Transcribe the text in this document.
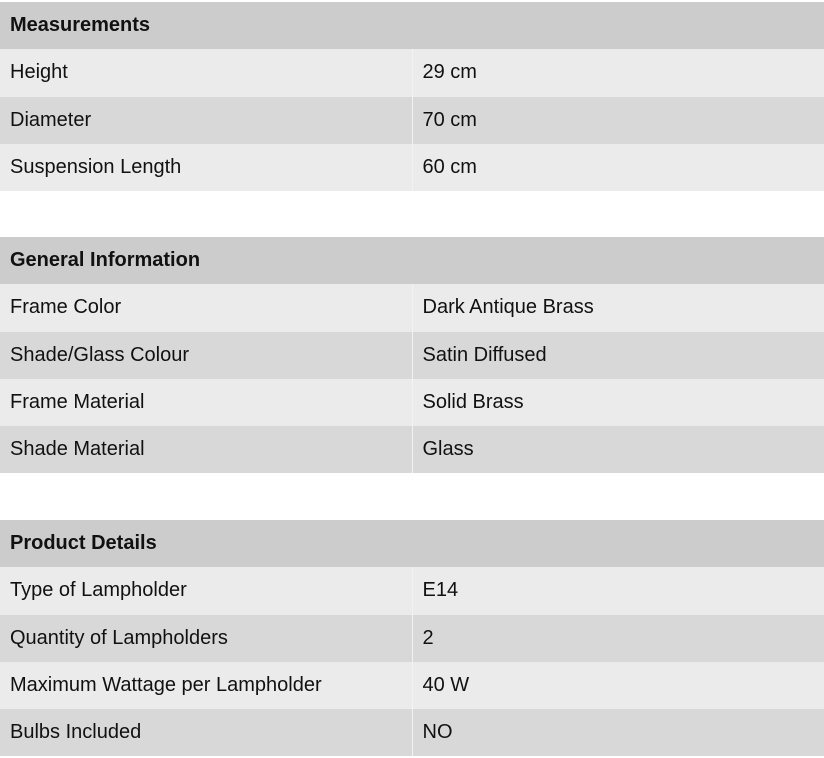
Measurements	
Height	29 cm
Diameter	70 cm
Suspension Length	60 cm
General Information	
Frame Color	Dark Antique Brass
Shade/Glass Colour	Satin Diffused
Frame Material	Solid Brass
Shade Material	Glass
Product Details	
Type of Lampholder	E14
Quantity of Lampholders	2
Maximum Wattage per Lampholder	40 W
Bulbs Included	NO
